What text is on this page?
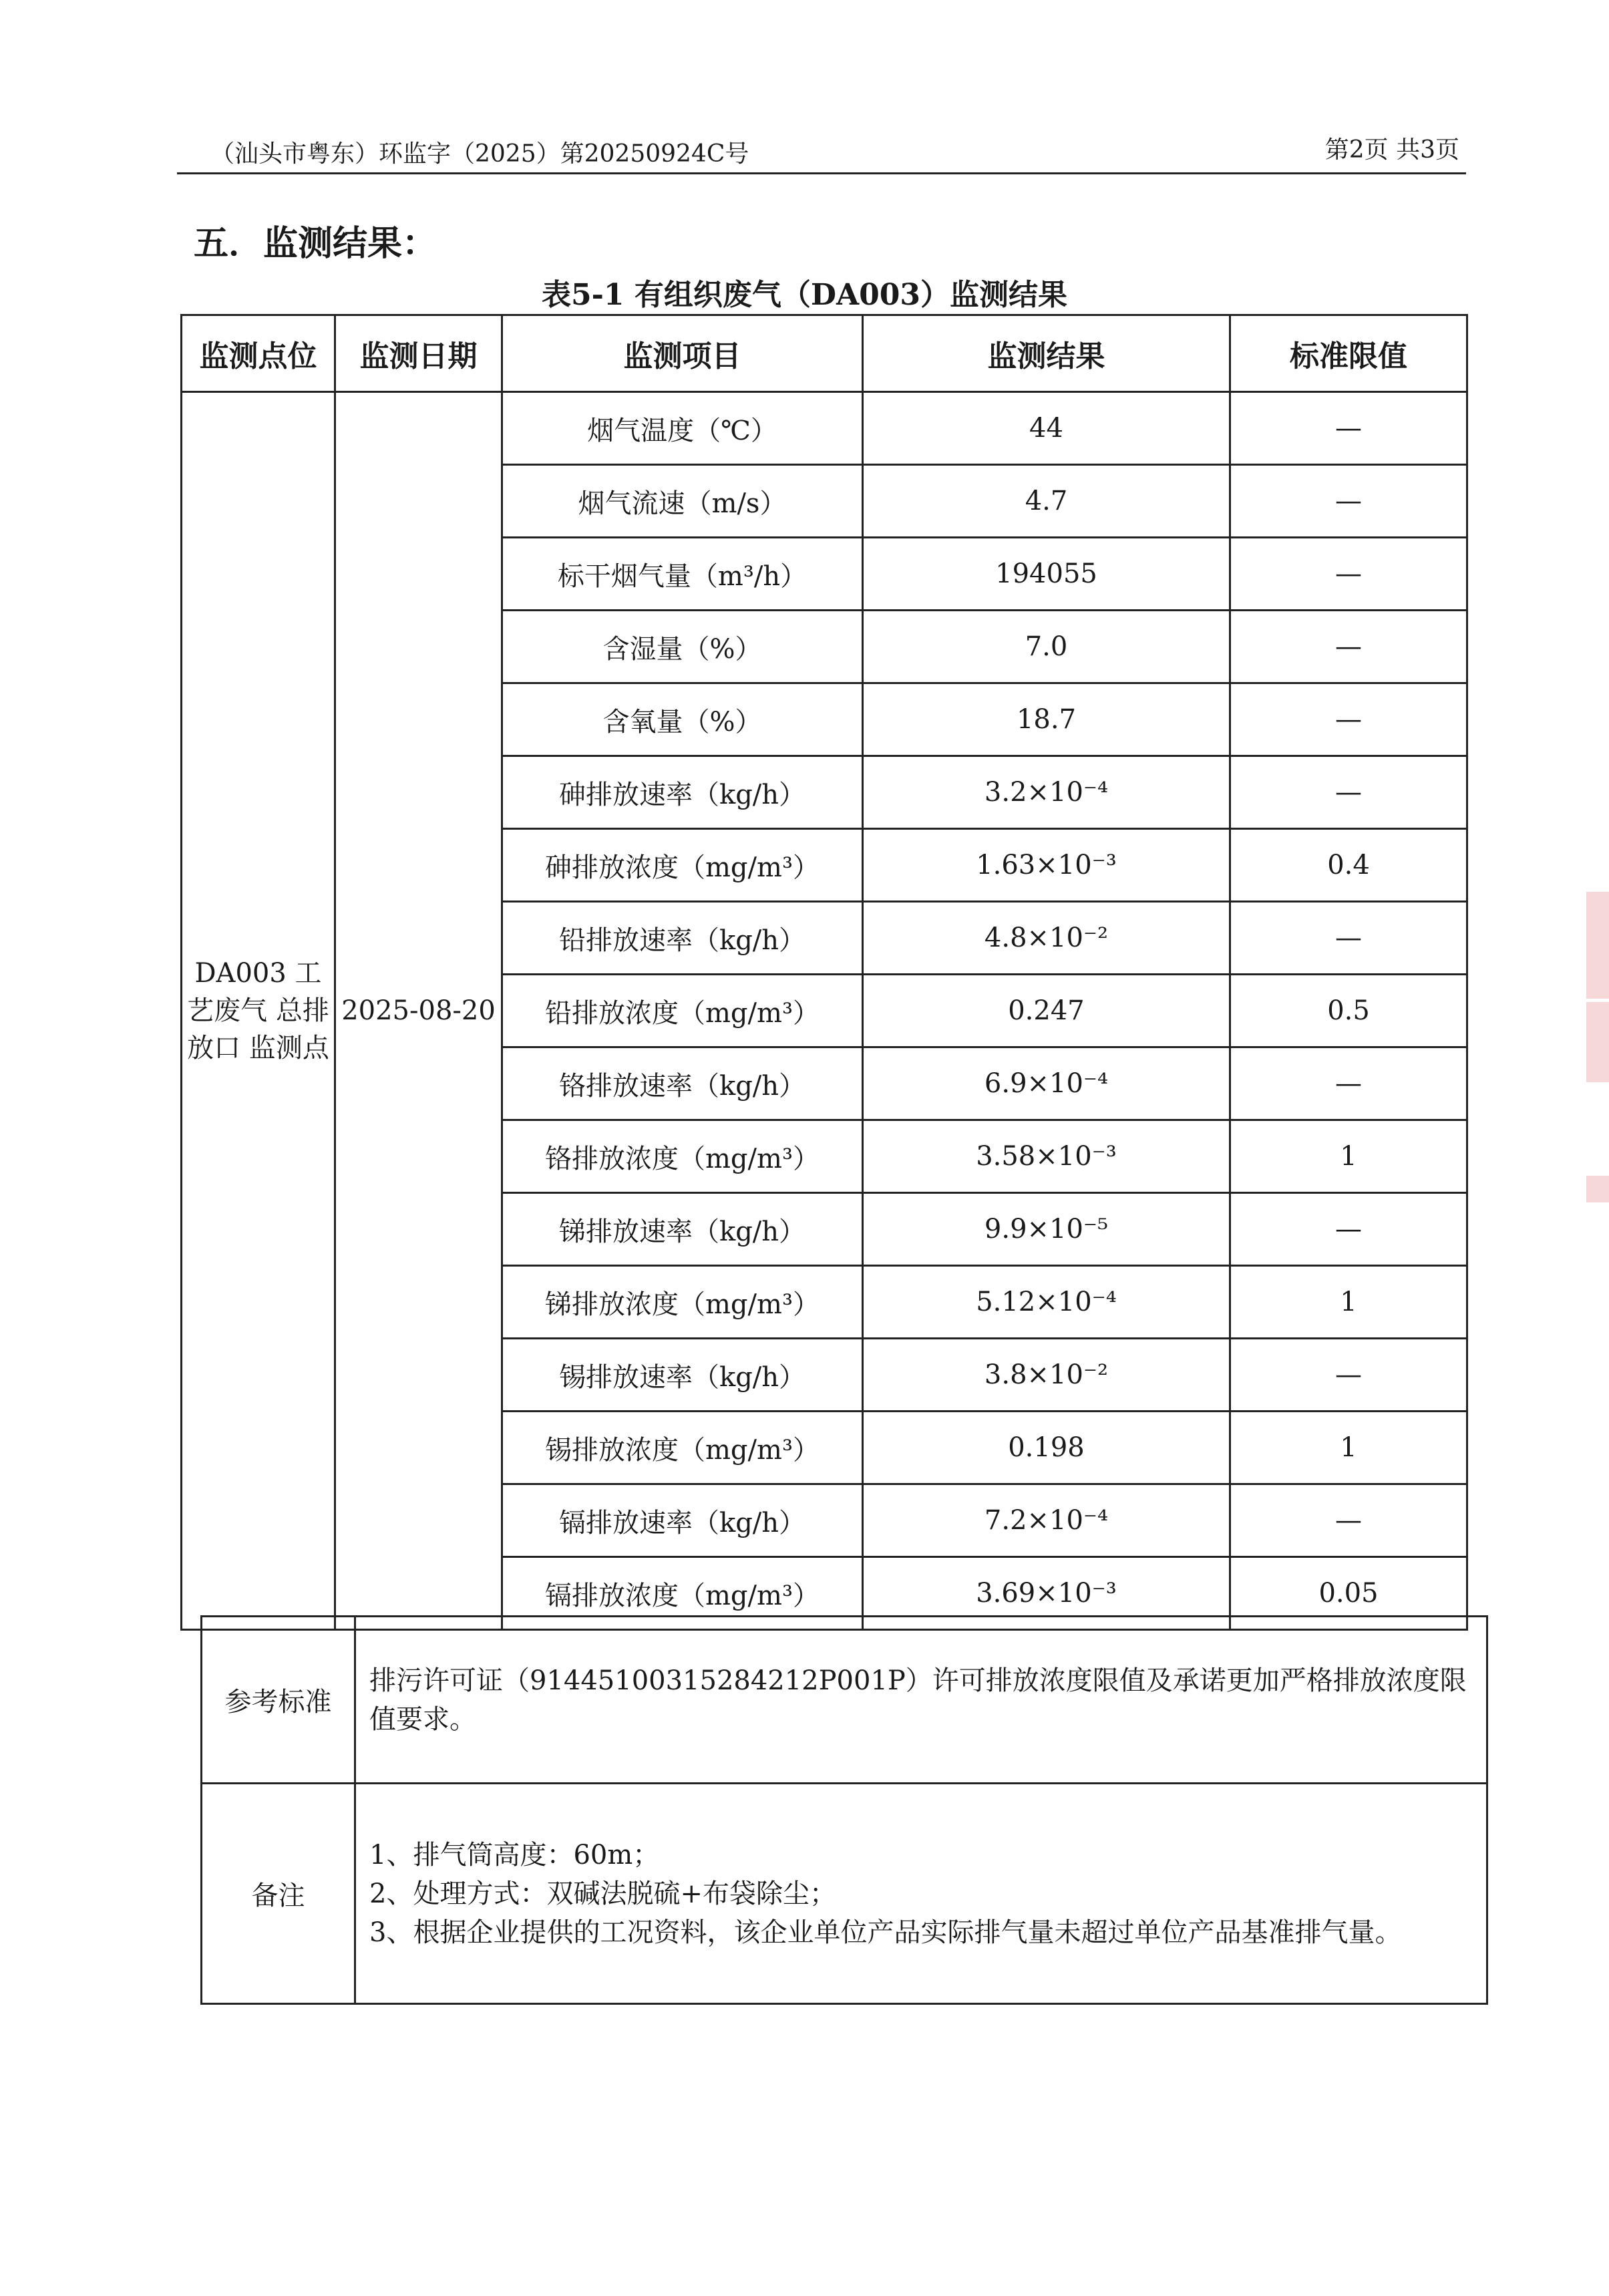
（汕头市粤东）环监字（2025）第20250924C号	第2页 共3页
五．监测结果：
表5-1 有组织废气（DA003）监测结果
监测点位	监测日期	监测项目	监测结果	标准限值
DA003 工艺废气 总排放口 监测点	2025-08-20	烟气温度（℃）	44	—
		烟气流速（m/s）	4.7	—
		标干烟气量（m³/h）	194055	—
		含湿量（%）	7.0	—
		含氧量（%）	18.7	—
		砷排放速率（kg/h）	3.2×10⁻⁴	—
		砷排放浓度（mg/m³）	1.63×10⁻³	0.4
		铅排放速率（kg/h）	4.8×10⁻²	—
		铅排放浓度（mg/m³）	0.247	0.5
		铬排放速率（kg/h）	6.9×10⁻⁴	—
		铬排放浓度（mg/m³）	3.58×10⁻³	1
		锑排放速率（kg/h）	9.9×10⁻⁵	—
		锑排放浓度（mg/m³）	5.12×10⁻⁴	1
		锡排放速率（kg/h）	3.8×10⁻²	—
		锡排放浓度（mg/m³）	0.198	1
		镉排放速率（kg/h）	7.2×10⁻⁴	—
		镉排放浓度（mg/m³）	3.69×10⁻³	0.05
参考标准	排污许可证（91445100315284212P001P）许可排放浓度限值及承诺更加严格排放浓度限值要求。
备注	1、排气筒高度：60m；
2、处理方式：双碱法脱硫+布袋除尘；
3、根据企业提供的工况资料，该企业单位产品实际排气量未超过单位产品基准排气量。
